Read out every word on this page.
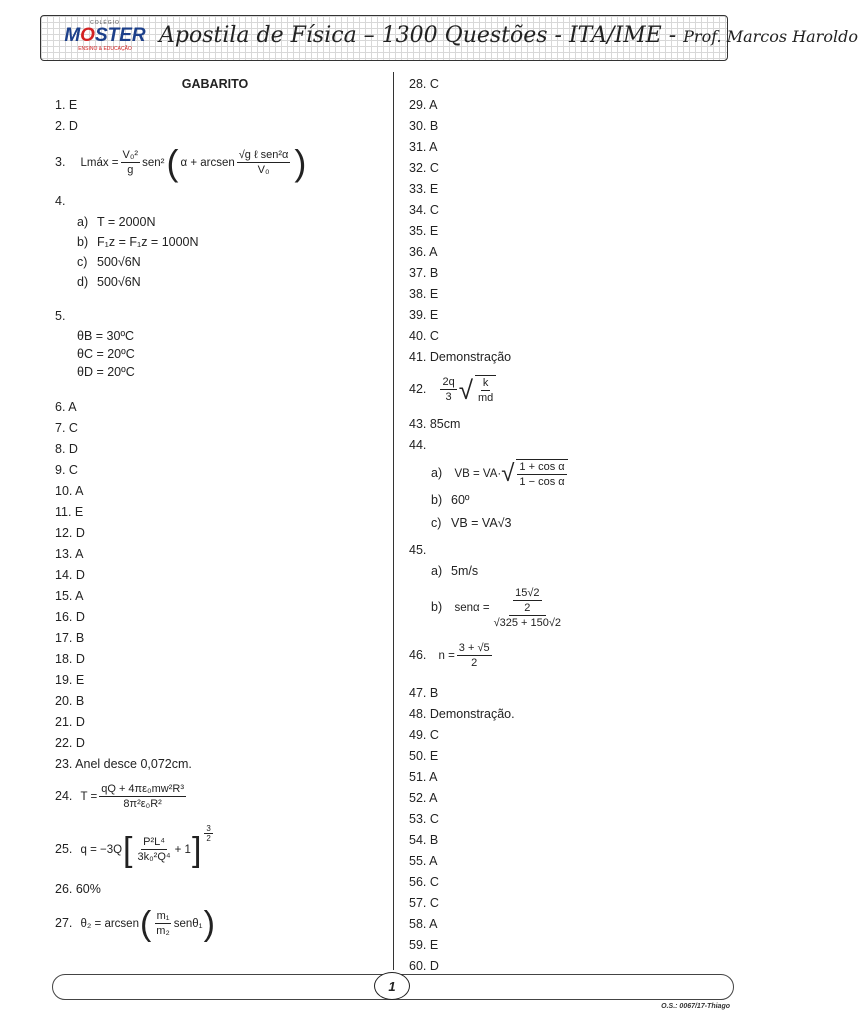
COLÉGIO
MOSTER
ENSINO & EDUCAÇÃO
Apostila de Física – 1300 Questões - ITA/IME - Prof. Marcos Haroldo
GABARITO
1. E
2. D
3. Lmáx = $\frac{\text{V₀²}}{g} sen^2$ ( α + arcsen $\frac{\text{√g ℓ sen²α}}{\text{V₀}}$ )
4.
a) T = 2000N
b) F₁z = F₁z = 1000N
c) 500√6N
d) 500√6N
5.
θB = 30ºC
θC = 20ºC
θD = 20ºC
6. A
7. C
8. D
9. C
10. A
11. E
12. D
13. A
14. D
15. A
16. D
17. B
18. D
19. E
20. B
21. D
22. D
23. Anel desce 0,072cm.
24. $T = \frac{\text{qQ + 4πε₀mw²R³}}{\text{8π²ε₀R²}}$
25. q = −3Q [ $\frac{\text{P²L⁴}}{\text{3k₀²Q⁴}} + 1$ ] $\frac{3}{2}$
26. 60%
27. θ₂ = arcsen ( $\frac{\text{m₁}}{\text{m₂}} sen\theta_1$ )
28. C
29. A
30. B
31. A
32. C
33. E
34. C
35. E
36. A
37. B
38. E
39. E
40. C
41. Demonstração
42. $\frac{2q}{3}$ √ $\frac{k}{md}$
43. 85cm
44.
a) VB = VA· √ $\frac{\text{1 + cos α}}{\text{1 − cos α}}$
b) 60º
c) VB = VA√3
45.
a) 5m/s
b) $sen\alpha = \frac{\frac{15√2}{2}}{√325 + 150√2}$
46. $n = \frac{3 + √5}{2}$
47. B
48. Demonstração.
49. C
50. E
51. A
52. A
53. C
54. B
55. A
56. C
57. C
58. A
59. E
60. D
1
O.S.: 0067/17-Thiago
